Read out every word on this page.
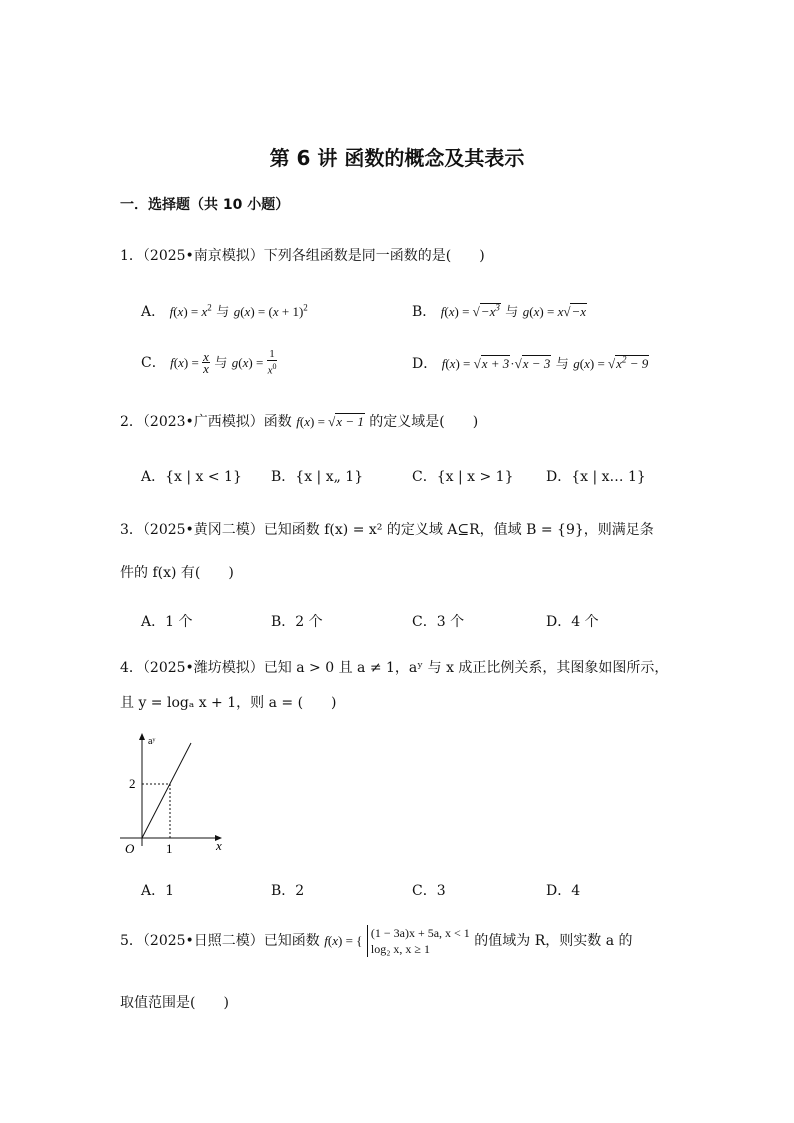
第 6 讲 函数的概念及其表示
一．选择题（共 10 小题）
1．（2025•南京模拟）下列各组函数是同一函数的是(　　)
A． $f(x) = x^2$ 与 $g(x) = (x + 1)^2$	B． $f(x) = √-x^3$ 与 g(x) = x√−x
C． $f(x) = \frac{x}{x}$ 与 $g(x) = \frac{1}{x^0}$	D． f(x) = √x + 3·√x − 3 与 $g(x) = √x^2 - 9$
2．（2023•广西模拟）函数 f(x) = √x − 1 的定义域是(　　)
A．{x | x < 1} B．{x | x„ 1}	C．{x | x > 1} D．{x | x… 1}
3．（2025•黄冈二模）已知函数 f(x) = x² 的定义域 A⊆R，值域 B = {9}，则满足条
件的 f(x) 有(　　)
A．1 个	B．2 个	C．3 个	D．4 个
4．（2025•潍坊模拟）已知 a > 0 且 a ≠ 1，aʸ 与 x 成正比例关系，其图象如图所示，
且 y = logₐ x + 1，则 a = (　　)
aʸ
x
O
2
1
A．1	B．2	C．3	D．4
5．（2025•日照二模）已知函数 f(x) = { (1 − 3a)x + 5a, x < 1
log₂ x, x ≥ 1	的值域为 R，则实数 a 的
取值范围是(　　)
